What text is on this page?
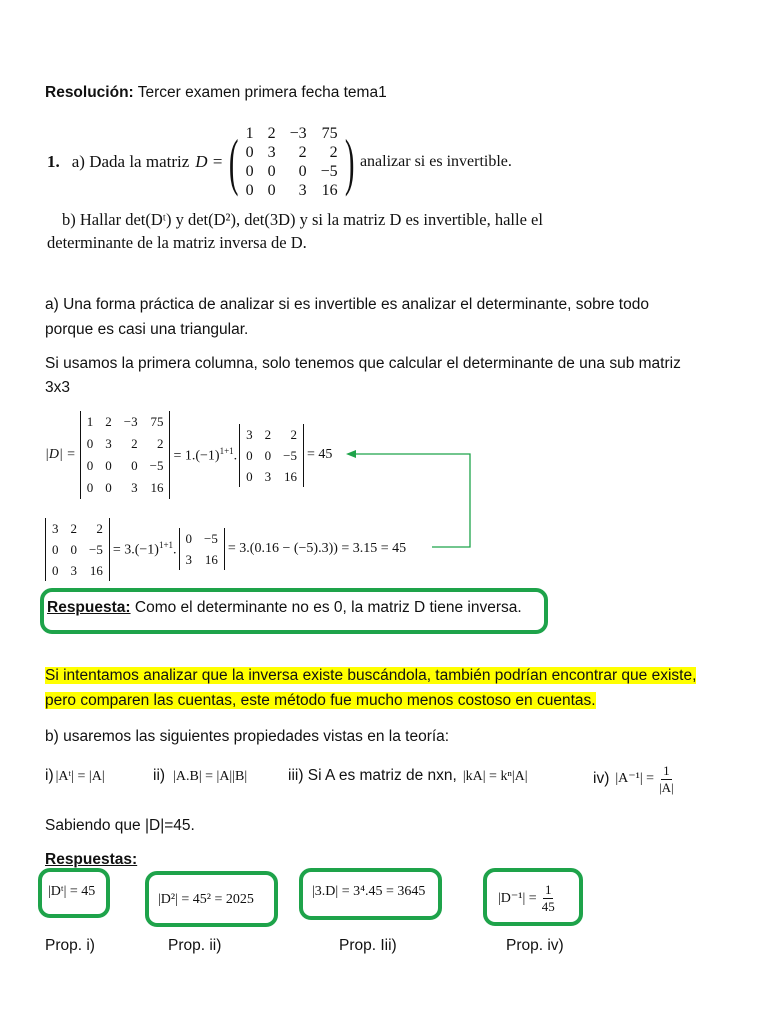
Resolución: Tercer examen primera fecha tema1
1. a) Dada la matriz D = ( 1	2	−3	75
0	3	2	2
0	0	0	−5
0	0	3	16 ) analizar si es invertible.
b) Hallar det(Dᵗ) y det(D²), det(3D) y si la matriz D es invertible, halle el
determinante de la matriz inversa de D.
a) Una forma práctica de analizar si es invertible es analizar el determinante, sobre todo
porque es casi una triangular.
Si usamos la primera columna, solo tenemos que calcular el determinante de una sub matriz
3x3
|D| =
1	2	−3	75
0	3	2	2
0	0	0	−5
0	0	3	16
= $1.(-1)^{1+1}$.
3	2	2
0	0	−5
0	3	16
= 45
3	2	2
0	0	−5
0	3	16
= $3.(-1)^{1+1}$.
0	−5
3	16
= 3.(0.16 − (−5).3)) = 3.15 = 45
Respuesta: Como el determinante no es 0, la matriz D tiene inversa.
Si intentamos analizar que la inversa existe buscándola, también podrían encontrar que existe,
pero comparen las cuentas, este método fue mucho menos costoso en cuentas.
b) usaremos las siguientes propiedades vistas en la teoría:
i) |Aᵗ| = |A|	ii) |A.B| = |A||B|	iii) Si A es matriz de nxn, |kA| = kⁿ|A|	iv) $|A^{-1}| = \frac{1}{|A|}$
Sabiendo que |D|=45.
Respuestas:
|Dᵗ| = 45
|D²| = 45² = 2025
|3.D| = 3⁴.45 = 3645	$|D^{-1}| = \frac{1}{45}$
Prop. i)	Prop. ii)	Prop. Iii)	Prop. iv)
